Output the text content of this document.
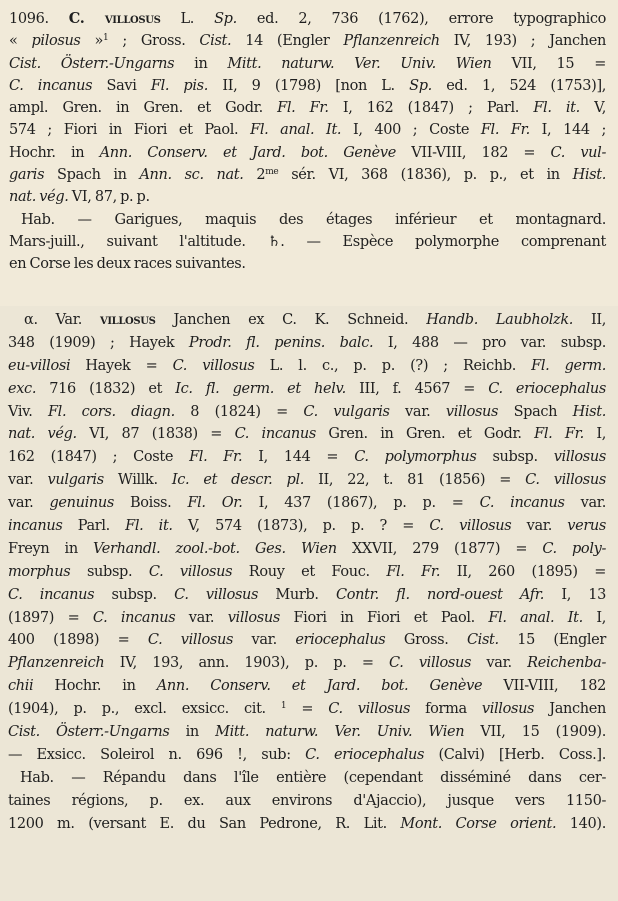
1096. C. villosus L. Sp. ed. 2, 736 (1762), errore typographico
« pilosus »$^1$ ; Gross. Cist. 14 (Engler Pflanzenreich IV, 193) ; Janchen
Cist. Österr.-Ungarns in Mitt. naturw. Ver. Univ. Wien VII, 15 =
C. incanus Savi Fl. pis. II, 9 (1798) [non L. Sp. ed. 1, 524 (1753)],
ampl. Gren. in Gren. et Godr. Fl. Fr. I, 162 (1847) ; Parl. Fl. it. V,
574 ; Fiori in Fiori et Paol. Fl. anal. It. I, 400 ; Coste Fl. Fr. I, 144 ;
Hochr. in Ann. Conserv. et Jard. bot. Genève VII-VIII, 182 = C. vul-
garis Spach in Ann. sc. nat. $2^{me}$ sér. VI, 368 (1836), p. p., et in Hist.
nat. vég. VI, 87, p. p.
Hab. — Garigues, maquis des étages inférieur et montagnard.
Mars-juill., suivant l'altitude. ♄. — Espèce polymorphe comprenant
en Corse les deux races suivantes.
α. Var. villosus Janchen ex C. K. Schneid. Handb. Laubholzk. II,
348 (1909) ; Hayek Prodr. fl. penins. balc. I, 488 — pro var. subsp.
eu-villosi Hayek = C. villosus L. l. c., p. p. (?) ; Reichb. Fl. germ.
exc. 716 (1832) et Ic. fl. germ. et helv. III, f. 4567 = C. eriocephalus
Viv. Fl. cors. diagn. 8 (1824) = C. vulgaris var. villosus Spach Hist.
nat. vég. VI, 87 (1838) = C. incanus Gren. in Gren. et Godr. Fl. Fr. I,
162 (1847) ; Coste Fl. Fr. I, 144 = C. polymorphus subsp. villosus
var. vulgaris Willk. Ic. et descr. pl. II, 22, t. 81 (1856) = C. villosus
var. genuinus Boiss. Fl. Or. I, 437 (1867), p. p. = C. incanus var.
incanus Parl. Fl. it. V, 574 (1873), p. p. ? = C. villosus var. verus
Freyn in Verhandl. zool.-bot. Ges. Wien XXVII, 279 (1877) = C. poly-
morphus subsp. C. villosus Rouy et Fouc. Fl. Fr. II, 260 (1895) =
C. incanus subsp. C. villosus Murb. Contr. fl. nord-ouest Afr. I, 13
(1897) = C. incanus var. villosus Fiori in Fiori et Paol. Fl. anal. It. I,
400 (1898) = C. villosus var. eriocephalus Gross. Cist. 15 (Engler
Pflanzenreich IV, 193, ann. 1903), p. p. = C. villosus var. Reichenba-
chii Hochr. in Ann. Conserv. et Jard. bot. Genève VII-VIII, 182
(1904), p. p., excl. exsicc. cit. $^1$ = C. villosus forma villosus Janchen
Cist. Österr.-Ungarns in Mitt. naturw. Ver. Univ. Wien VII, 15 (1909).
— Exsicc. Soleirol n. 696 !, sub: C. eriocephalus (Calvi) [Herb. Coss.].
Hab. — Répandu dans l'île entière (cependant disséminé dans cer-
taines régions, p. ex. aux environs d'Ajaccio), jusque vers 1150-
1200 m. (versant E. du San Pedrone, R. Lit. Mont. Corse orient. 140).
